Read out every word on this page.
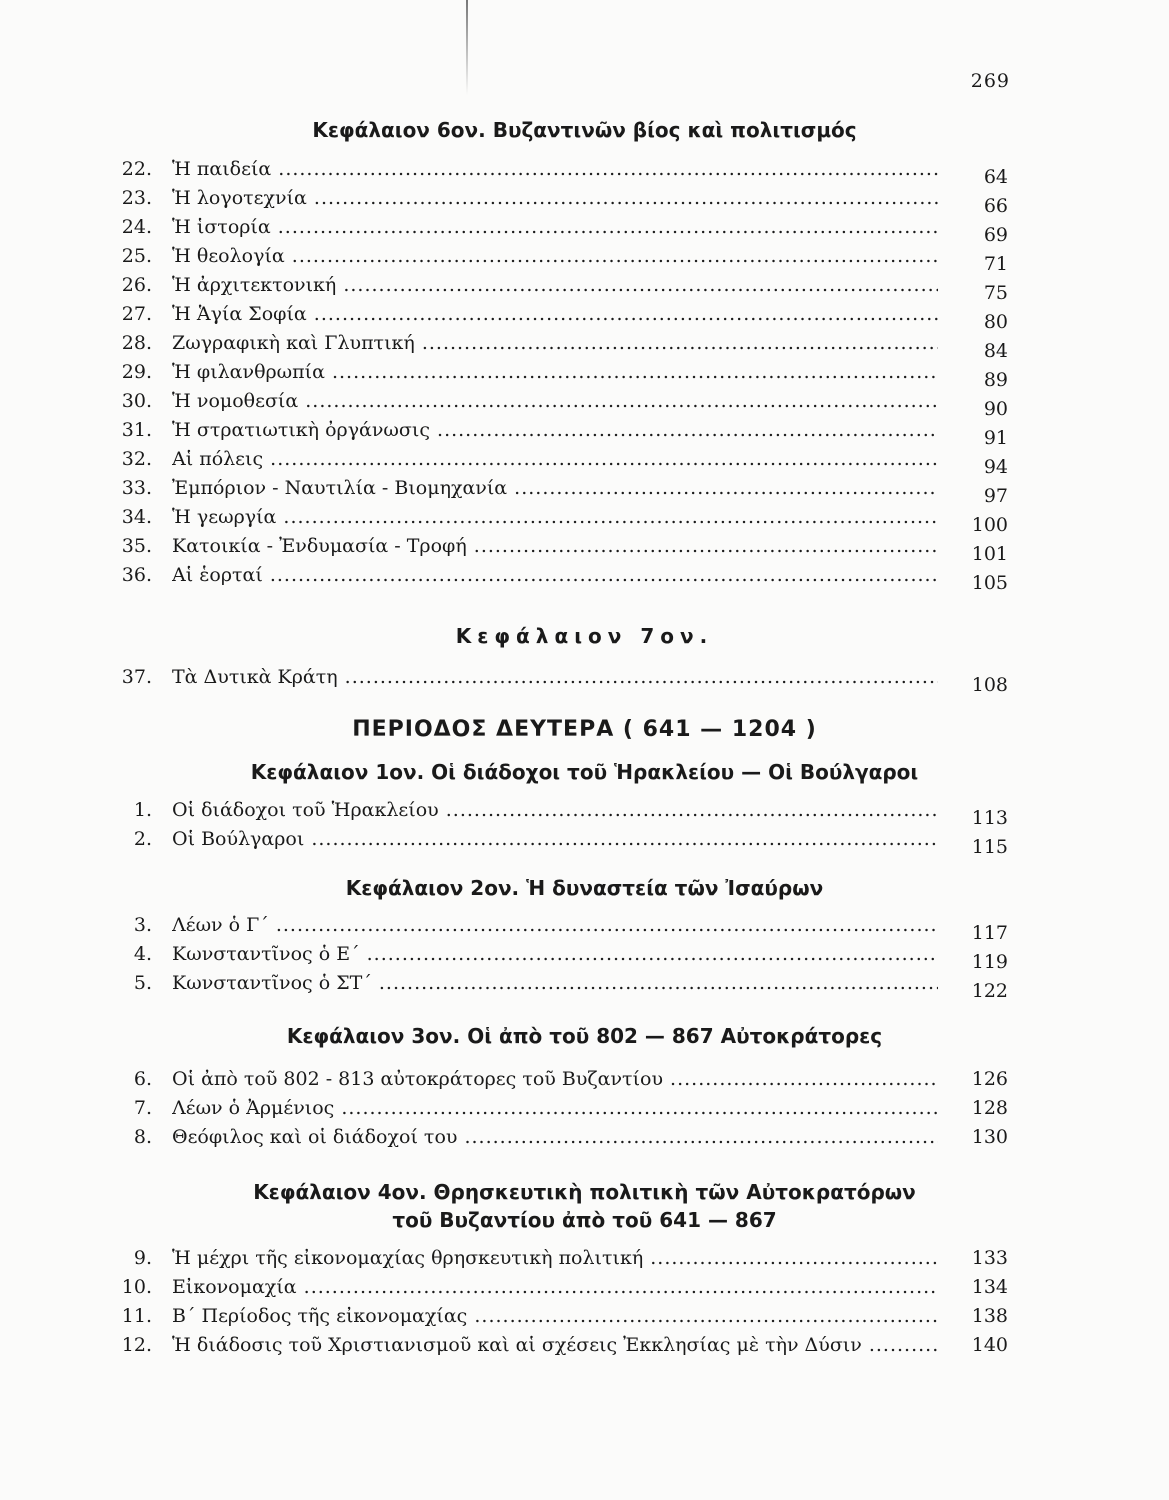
269
Κεφάλαιον 6ον. Βυζαντινῶν βίος καὶ πολιτισμός
22. Ἡ παιδεία .....	64
23. Ἡ λογοτεχνία .....	66
24. Ἡ ἱστορία .....	69
25. Ἡ θεολογία .....	71
26. Ἡ ἀρχιτεκτονική .....	75
27. Ἡ Ἁγία Σοφία .....	80
28. Ζωγραφικὴ καὶ Γλυπτική .....	84
29. Ἡ φιλανθρωπία .....	89
30. Ἡ νομοθεσία .....	90
31. Ἡ στρατιωτικὴ ὀργάνωσις .....	91
32. Αἱ πόλεις .....	94
33. Ἐμπόριον - Ναυτιλία - Βιομηχανία .....	97
34. Ἡ γεωργία .....	100
35. Κατοικία - Ἐνδυμασία - Τροφή .....	101
36. Αἱ ἑορταί .....	105
Κεφάλαιον 7ον.
37. Τὰ Δυτικὰ Κράτη .....	108
ΠΕΡΙΟΔΟΣ ΔΕΥΤΕΡΑ ( 641 — 1204 )
Κεφάλαιον 1ον. Οἱ διάδοχοι τοῦ Ἡρακλείου — Οἱ Βούλγαροι
1. Οἱ διάδοχοι τοῦ Ἡρακλείου .....	113
2. Οἱ Βούλγαροι .....	115
Κεφάλαιον 2ον. Ἡ δυναστεία τῶν Ἰσαύρων
3. Λέων ὁ Γ΄ .....	117
4. Κωνσταντῖνος ὁ Ε΄ .....	119
5. Κωνσταντῖνος ὁ ΣΤ΄ .....	122
Κεφάλαιον 3ον. Οἱ ἀπὸ τοῦ 802 — 867 Αὐτοκράτορες
6. Οἱ ἀπὸ τοῦ 802 - 813 αὐτοκράτορες τοῦ Βυζαντίου .....	126
7. Λέων ὁ Ἀρμένιος .....	128
8. Θεόφιλος καὶ οἱ διάδοχοί του .....	130
Κεφάλαιον 4ον. Θρησκευτικὴ πολιτικὴ τῶν Αὐτοκρατόρων
τοῦ Βυζαντίου ἀπὸ τοῦ 641 — 867
9. Ἡ μέχρι τῆς εἰκονομαχίας θρησκευτικὴ πολιτική .....	133
10. Εἰκονομαχία .....	134
11. Β΄ Περίοδος τῆς εἰκονομαχίας .....	138
12. Ἡ διάδοσις τοῦ Χριστιανισμοῦ καὶ αἱ σχέσεις Ἐκκλησίας μὲ τὴν Δύσιν .....	140
